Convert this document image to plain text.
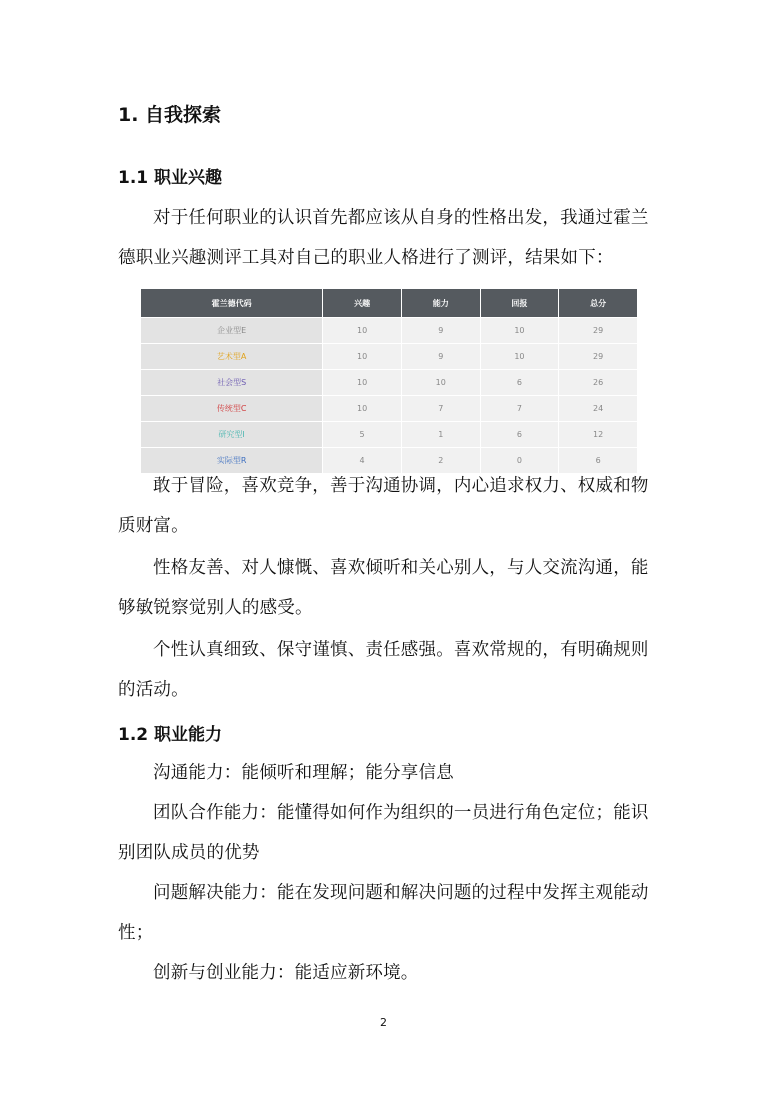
1. 自我探索
1.1 职业兴趣
对于任何职业的认识首先都应该从自身的性格出发，我通过霍兰德职业兴趣测评工具对自己的职业人格进行了测评，结果如下：
霍兰德代码	兴趣	能力	回报	总分
企业型E	10	9	10	29
艺术型A	10	9	10	29
社会型S	10	10	6	26
传统型C	10	7	7	24
研究型I	5	1	6	12
实际型R	4	2	0	6
敢于冒险，喜欢竞争，善于沟通协调，内心追求权力、权威和物质财富。
性格友善、对人慷慨、喜欢倾听和关心别人，与人交流沟通，能够敏锐察觉别人的感受。
个性认真细致、保守谨慎、责任感强。喜欢常规的，有明确规则的活动。
1.2 职业能力
沟通能力：能倾听和理解；能分享信息
团队合作能力：能懂得如何作为组织的一员进行角色定位；能识别团队成员的优势
问题解决能力：能在发现问题和解决问题的过程中发挥主观能动性；
创新与创业能力：能适应新环境。
2
